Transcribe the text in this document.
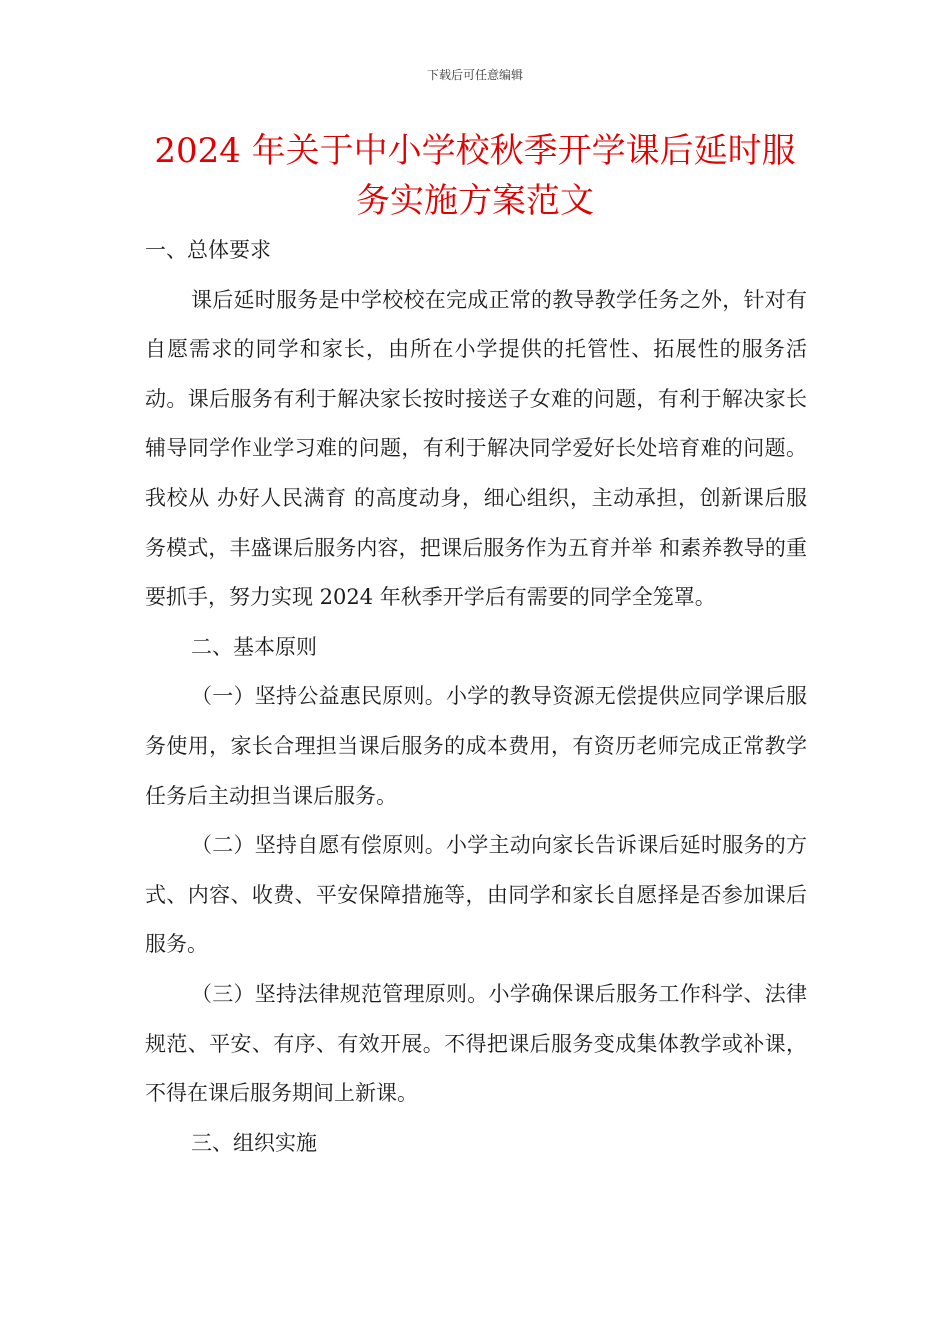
下载后可任意编辑
2024 年关于中小学校秋季开学课后延时服
务实施方案范文

一、总体要求

课后延时服务是中学校校在完成正常的教导教学任务之外，针对有自愿需求的同学和家长，由所在小学提供的托管性、拓展性的服务活动。课后服务有利于解决家长按时接送子女难的问题，有利于解决家长辅导同学作业学习难的问题，有利于解决同学爱好长处培育难的问题。我校从 办好人民满育 的高度动身，细心组织，主动承担，创新课后服务模式，丰盛课后服务内容，把课后服务作为五育并举 和素养教导的重要抓手，努力实现 2024 年秋季开学后有需要的同学全笼罩。

二、基本原则

（一）坚持公益惠民原则。小学的教导资源无偿提供应同学课后服务使用，家长合理担当课后服务的成本费用，有资历老师完成正常教学任务后主动担当课后服务。

（二）坚持自愿有偿原则。小学主动向家长告诉课后延时服务的方式、内容、收费、平安保障措施等，由同学和家长自愿择是否参加课后服务。

（三）坚持法律规范管理原则。小学确保课后服务工作科学、法律规范、平安、有序、有效开展。不得把课后服务变成集体教学或补课，不得在课后服务期间上新课。

三、组织实施
